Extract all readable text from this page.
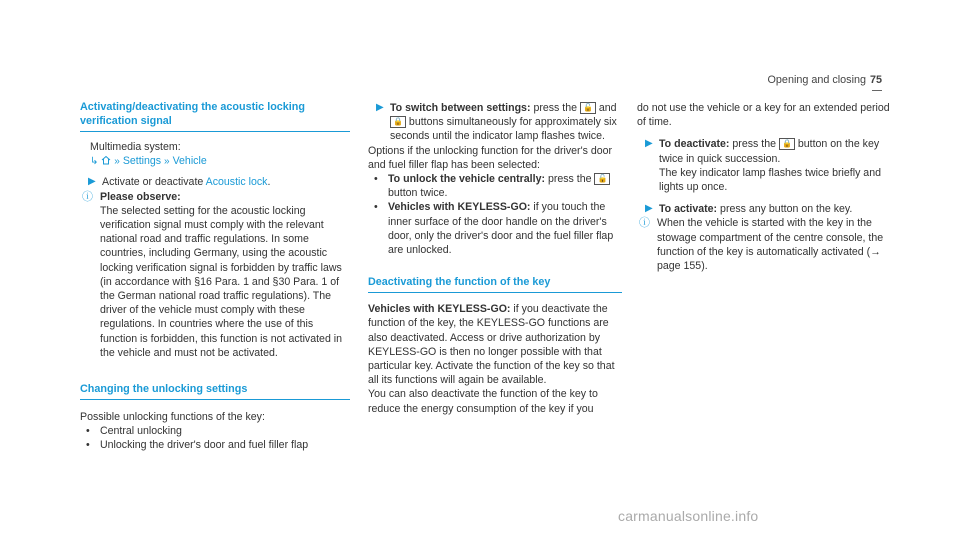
Opening and closing 75

Activating/deactivating the acoustic locking verification signal

Multimedia system:

↳ » Settings » Vehicle

▶ Activate or deactivate Acoustic lock.

ⓘ Please observe:
The selected setting for the acoustic locking verification signal must comply with the relevant national road and traffic regulations. In some countries, including Germany, using the acoustic locking verification signal is forbidden by traffic laws (in accordance with §16 Para. 1 and §30 Para. 1 of the German national road traffic regulations). The driver of the vehicle must comply with these regulations. In countries where the use of this function is forbidden, this function is not activated in the vehicle and must not be activated.

Changing the unlocking settings

Possible unlocking functions of the key:

• Central unlocking
• Unlocking the driver's door and fuel filler flap
▶ To switch between settings: press the 🔓 and 🔒 buttons simultaneously for approximately six seconds until the indicator lamp flashes twice.

Options if the unlocking function for the driver's door and fuel filler flap has been selected:

• To unlock the vehicle centrally: press the 🔓 button twice.
• Vehicles with KEYLESS-GO: if you touch the inner surface of the door handle on the driver's door, only the driver's door and the fuel filler flap are unlocked.

Deactivating the function of the key

Vehicles with KEYLESS-GO: if you deactivate the function of the key, the KEYLESS-GO functions are also deactivated. Access or drive authorization by KEYLESS-GO is then no longer possible with that particular key. Activate the function of the key so that all its functions will again be available.

You can also deactivate the function of the key to reduce the energy consumption of the key if you

do not use the vehicle or a key for an extended period of time.

▶ To deactivate: press the 🔒 button on the key twice in quick succession.
The key indicator lamp flashes twice briefly and lights up once.
▶ To activate: press any button on the key.
ⓘ When the vehicle is started with the key in the stowage compartment of the centre console, the function of the key is automatically activated (→ page 155).
carmanualsonline.info
